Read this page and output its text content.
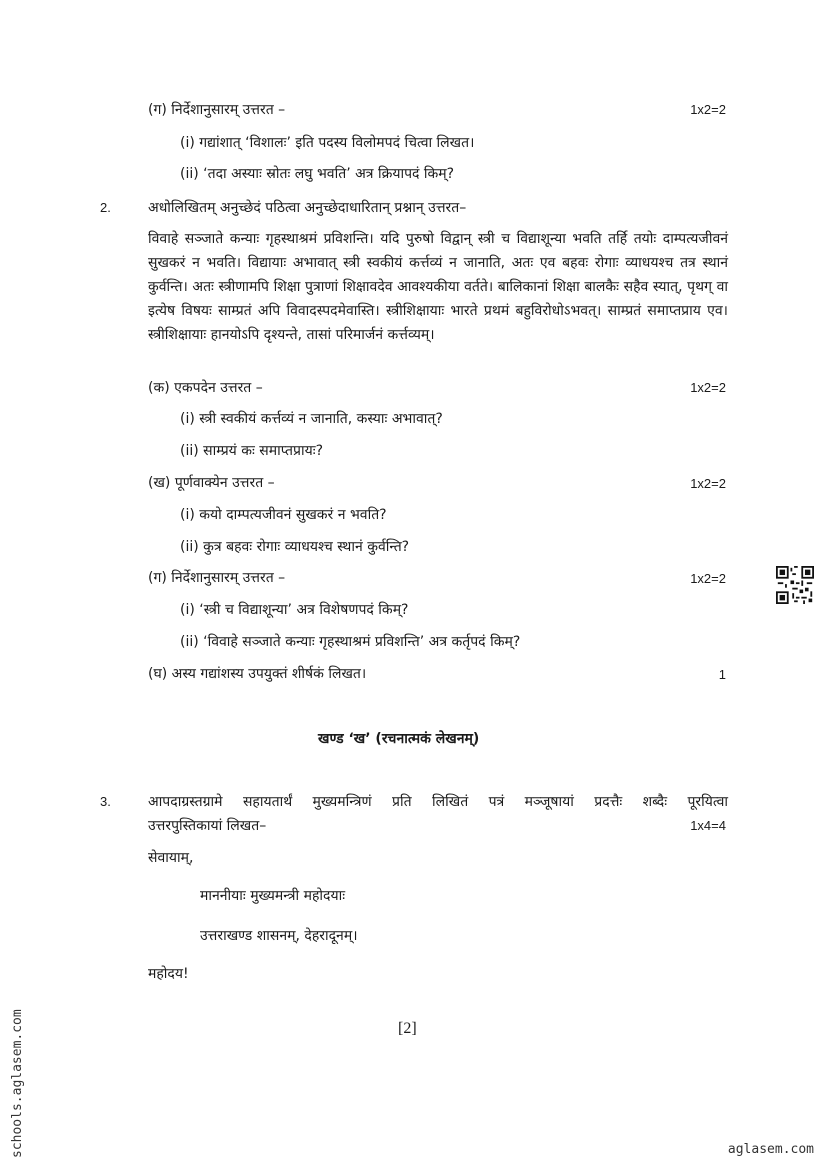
(ग) निर्देशानुसारम् उत्तरत –	1x2=2
(i) गद्यांशात् ‘विशालः’ इति पदस्य विलोमपदं चित्वा लिखत।
(ii) ‘तदा अस्याः स्रोतः लघु भवति’ अत्र क्रियापदं किम्?
2.	अधोलिखितम् अनुच्छेदं पठित्वा अनुच्छेदाधारितान् प्रश्नान् उत्तरत–
विवाहे सञ्जाते कन्याः गृहस्थाश्रमं प्रविशन्ति। यदि पुरुषो विद्वान् स्त्री च विद्याशून्या भवति तर्हि तयोः दाम्पत्यजीवनं सुखकरं न भवति। विद्यायाः अभावात् स्त्री स्वकीयं कर्त्तव्यं न जानाति, अतः एव बहवः रोगाः व्याधयश्च तत्र स्थानं कुर्वन्ति। अतः स्त्रीणामपि शिक्षा पुत्राणां शिक्षावदेव आवश्यकीया वर्तते। बालिकानां शिक्षा बालकैः सहैव स्यात्, पृथग् वा इत्येष विषयः साम्प्रतं अपि विवादस्पदमेवास्ति। स्त्रीशिक्षायाः भारते प्रथमं बहुविरोधोऽभवत्। साम्प्रतं समाप्तप्राय एव। स्त्रीशिक्षायाः हानयोऽपि दृश्यन्ते, तासां परिमार्जनं कर्त्तव्यम्।
(क) एकपदेन उत्तरत –	1x2=2
(i) स्त्री स्वकीयं कर्त्तव्यं न जानाति, कस्याः अभावात्?
(ii) साम्प्रयं कः समाप्तप्रायः?
(ख) पूर्णवाक्येन उत्तरत –	1x2=2
(i) कयो दाम्पत्यजीवनं सुखकरं न भवति?
(ii) कुत्र बहवः रोगाः व्याधयश्च स्थानं कुर्वन्ति?
(ग) निर्देशानुसारम् उत्तरत –	1x2=2
(i) ‘स्त्री च विद्याशून्या’ अत्र विशेषणपदं किम्?
(ii) ‘विवाहे सञ्जाते कन्याः गृहस्थाश्रमं प्रविशन्ति’ अत्र कर्तृपदं किम्?
(घ) अस्य गद्यांशस्य उपयुक्तं शीर्षकं लिखत।	1
खण्ड ‘ख’ (रचनात्मकं लेखनम्)
3.	आपदाग्रस्तग्रामे सहायतार्थं मुख्यमन्त्रिणं प्रति लिखितं पत्रं मञ्जूषायां प्रदत्तैः शब्दैः पूरयित्वा
उत्तरपुस्तिकायां लिखत–	1x4=4
सेवायाम्,
माननीयाः मुख्यमन्त्री महोदयाः
उत्तराखण्ड शासनम्, देहरादूनम्।
महोदय!
[2]
schools.aglasem.com	aglasem.com
